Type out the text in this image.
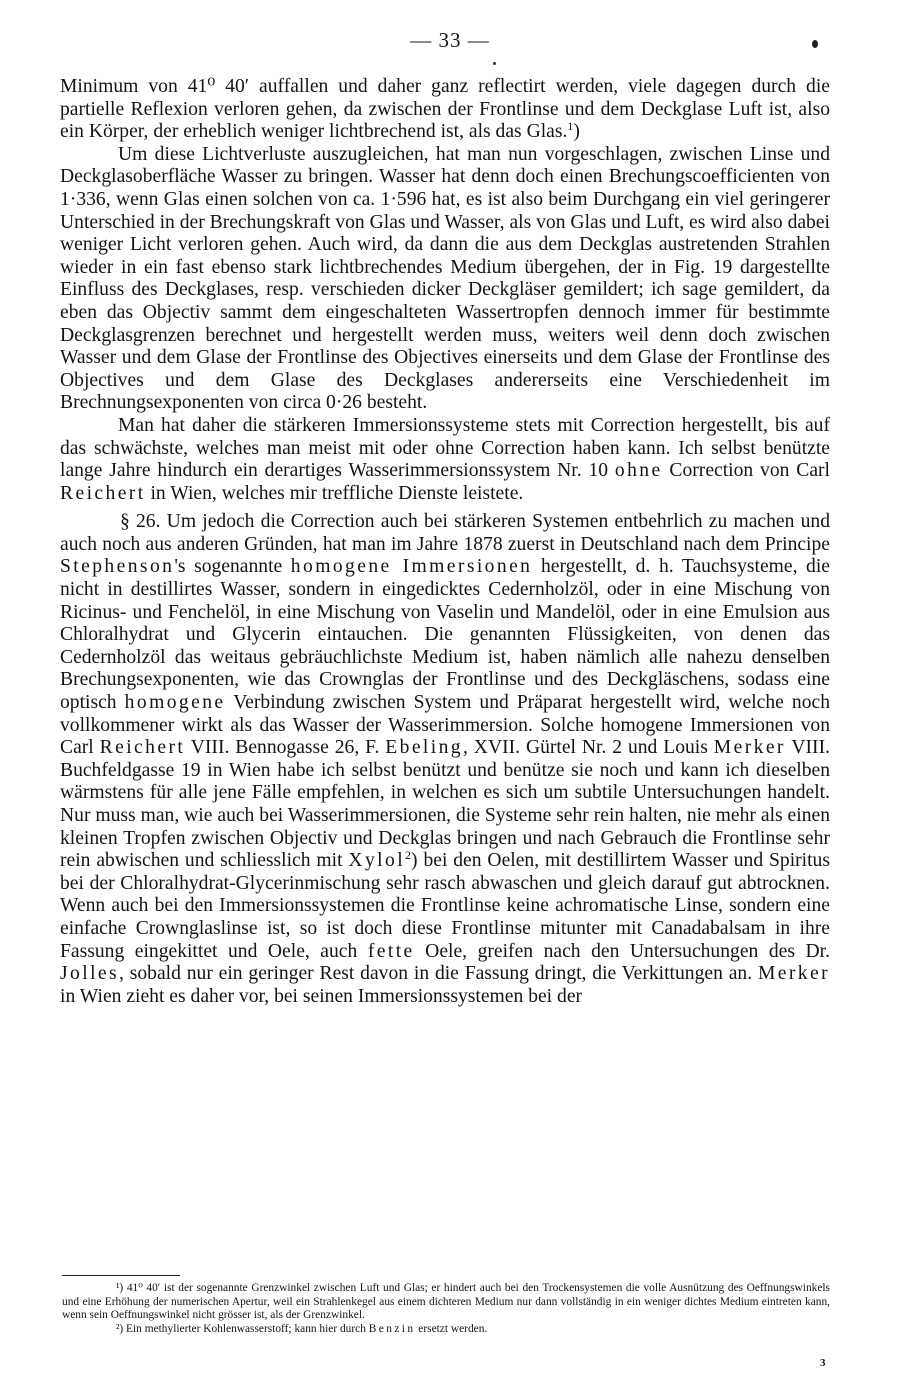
— 33 —

Minimum von 41⁰ 40′ auffallen und daher ganz reflectirt werden, viele dagegen durch die partielle Reflexion verloren gehen, da zwischen der Frontlinse und dem Deckglase Luft ist, also ein Körper, der erheblich weniger lichtbrechend ist, als das Glas.$^1$)

Um diese Lichtverluste auszugleichen, hat man nun vorgeschlagen, zwischen Linse und Deckglasoberfläche Wasser zu bringen. Wasser hat denn doch einen Brechungscoefficienten von 1·336, wenn Glas einen solchen von ca. 1·596 hat, es ist also beim Durchgang ein viel geringerer Unterschied in der Brechungskraft von Glas und Wasser, als von Glas und Luft, es wird also dabei weniger Licht verloren gehen. Auch wird, da dann die aus dem Deckglas austretenden Strahlen wieder in ein fast ebenso stark lichtbrechendes Medium übergehen, der in Fig. 19 dargestellte Einfluss des Deckglases, resp. verschieden dicker Deckgläser gemildert; ich sage gemildert, da eben das Objectiv sammt dem eingeschalteten Wassertropfen dennoch immer für bestimmte Deckglasgrenzen berechnet und hergestellt werden muss, weiters weil denn doch zwischen Wasser und dem Glase der Frontlinse des Objectives einerseits und dem Glase der Frontlinse des Objectives und dem Glase des Deckglases andererseits eine Verschiedenheit im Brechnungsexponenten von circa 0·26 besteht.

Man hat daher die stärkeren Immersionssysteme stets mit Correction hergestellt, bis auf das schwächste, welches man meist mit oder ohne Correction haben kann. Ich selbst benützte lange Jahre hindurch ein derartiges Wasserimmersionssystem Nr. 10 ohne Correction von Carl Reichert in Wien, welches mir treffliche Dienste leistete.

§ 26. Um jedoch die Correction auch bei stärkeren Systemen entbehrlich zu machen und auch noch aus anderen Gründen, hat man im Jahre 1878 zuerst in Deutschland nach dem Principe Stephenson's sogenannte homogene Immersionen hergestellt, d. h. Tauchsysteme, die nicht in destillirtes Wasser, sondern in eingedicktes Cedernholzöl, oder in eine Mischung von Ricinus- und Fenchelöl, in eine Mischung von Vaselin und Mandelöl, oder in eine Emulsion aus Chloralhydrat und Glycerin eintauchen. Die genannten Flüssigkeiten, von denen das Cedernholzöl das weitaus gebräuchlichste Medium ist, haben nämlich alle nahezu denselben Brechungsexponenten, wie das Crownglas der Frontlinse und des Deckgläschens, sodass eine optisch homogene Verbindung zwischen System und Präparat hergestellt wird, welche noch vollkommener wirkt als das Wasser der Wasserimmersion. Solche homogene Immersionen von Carl Reichert VIII. Bennogasse 26, F. Ebeling, XVII. Gürtel Nr. 2 und Louis Merker VIII. Buchfeldgasse 19 in Wien habe ich selbst benützt und benütze sie noch und kann ich dieselben wärmstens für alle jene Fälle empfehlen, in welchen es sich um subtile Untersuchungen handelt. Nur muss man, wie auch bei Wasserimmersionen, die Systeme sehr rein halten, nie mehr als einen kleinen Tropfen zwischen Objectiv und Deckglas bringen und nach Gebrauch die Frontlinse sehr rein abwischen und schliesslich mit Xylol$^2$) bei den Oelen, mit destillirtem Wasser und Spiritus bei der Chloralhydrat-Glycerinmischung sehr rasch abwaschen und gleich darauf gut abtrocknen. Wenn auch bei den Immersionssystemen die Frontlinse keine achromatische Linse, sondern eine einfache Crownglaslinse ist, so ist doch diese Frontlinse mitunter mit Canadabalsam in ihre Fassung eingekittet und Oele, auch fette Oele, greifen nach den Untersuchungen des Dr. Jolles, sobald nur ein geringer Rest davon in die Fassung dringt, die Verkittungen an. Merker in Wien zieht es daher vor, bei seinen Immersionssystemen bei der

¹) 41⁰ 40′ ist der sogenannte Grenzwinkel zwischen Luft und Glas; er hindert auch bei den Trockensystemen die volle Ausnützung des Oeffnungswinkels und eine Erhöhung der numerischen Apertur, weil ein Strahlenkegel aus einem dichteren Medium nur dann vollständig in ein weniger dichtes Medium eintreten kann, wenn sein Oeffnungswinkel nicht grösser ist, als der Grenzwinkel.

²) Ein methylierter Kohlenwasserstoff; kann hier durch Benzin ersetzt werden.

3
